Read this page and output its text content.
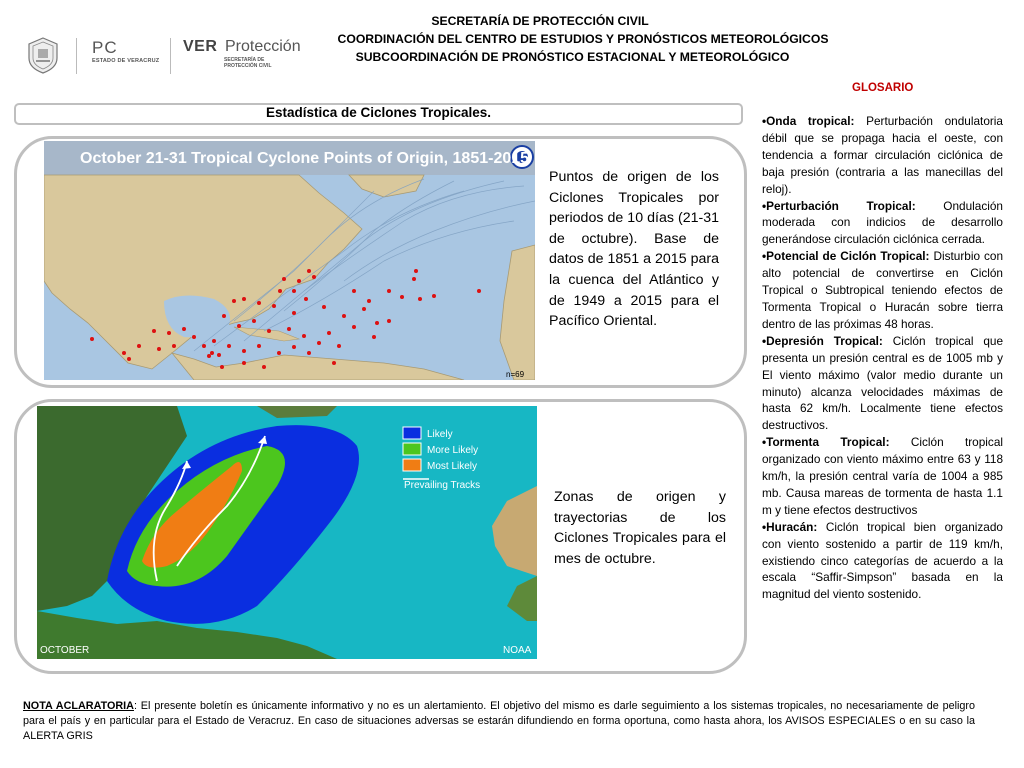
PC
ESTADO DE VERACRUZ
VER Protección
SECRETARÍA DE PROTECCIÓN CIVIL
SECRETARÍA DE PROTECCIÓN CIVIL
COORDINACIÓN DEL CENTRO DE ESTUDIOS Y PRONÓSTICOS METEOROLÓGICOS
SUBCOORDINACIÓN DE PRONÓSTICO ESTACIONAL Y METEOROLÓGICO
GLOSARIO
Estadística de Ciclones Tropicales.
October 21-31 Tropical Cyclone Points of Origin, 1851-2015
n=69
Puntos de origen de los Ciclones Tropicales por periodos de 10 días (21-31 de octubre). Base de datos de 1851 a 2015 para la cuenca del Atlántico y de 1949 a 2015 para el Pacífico Oriental.
Likely
More Likely
Most Likely
Prevailing Tracks
OCTOBER	NOAA
Zonas de origen y trayectorias de los Ciclones Tropicales para el mes de octubre.

•Onda tropical: Perturbación ondulatoria débil que se propaga hacia el oeste, con tendencia a formar circulación ciclónica de baja presión (contraria a las manecillas del reloj).

•Perturbación Tropical: Ondulación moderada con indicios de desarrollo generándose circulación ciclónica cerrada.

•Potencial de Ciclón Tropical: Disturbio con alto potencial de convertirse en Ciclón Tropical o Subtropical teniendo efectos de Tormenta Tropical o Huracán sobre tierra dentro de las próximas 48 horas.

•Depresión Tropical: Ciclón tropical que presenta un presión central es de 1005 mb y El viento máximo (valor medio durante un minuto) alcanza velocidades máximas de hasta 62 km/h. Localmente tiene efectos destructivos.

•Tormenta Tropical: Ciclón tropical organizado con viento máximo entre 63 y 118 km/h, la presión central varía de 1004 a 985 mb. Causa mareas de tormenta de hasta 1.1 m y tiene efectos destructivos

•Huracán: Ciclón tropical bien organizado con viento sostenido a partir de 119 km/h, existiendo cinco categorías de acuerdo a la escala “Saffir-Simpson” basada en la magnitud del viento sostenido.

NOTA ACLARATORIA: El presente boletín es únicamente informativo y no es un alertamiento. El objetivo del mismo es darle seguimiento a los sistemas tropicales, no necesariamente de peligro para el país y en particular para el Estado de Veracruz. En caso de situaciones adversas se estarán difundiendo en forma oportuna, como hasta ahora, los AVISOS ESPECIALES o en su caso la ALERTA GRIS
